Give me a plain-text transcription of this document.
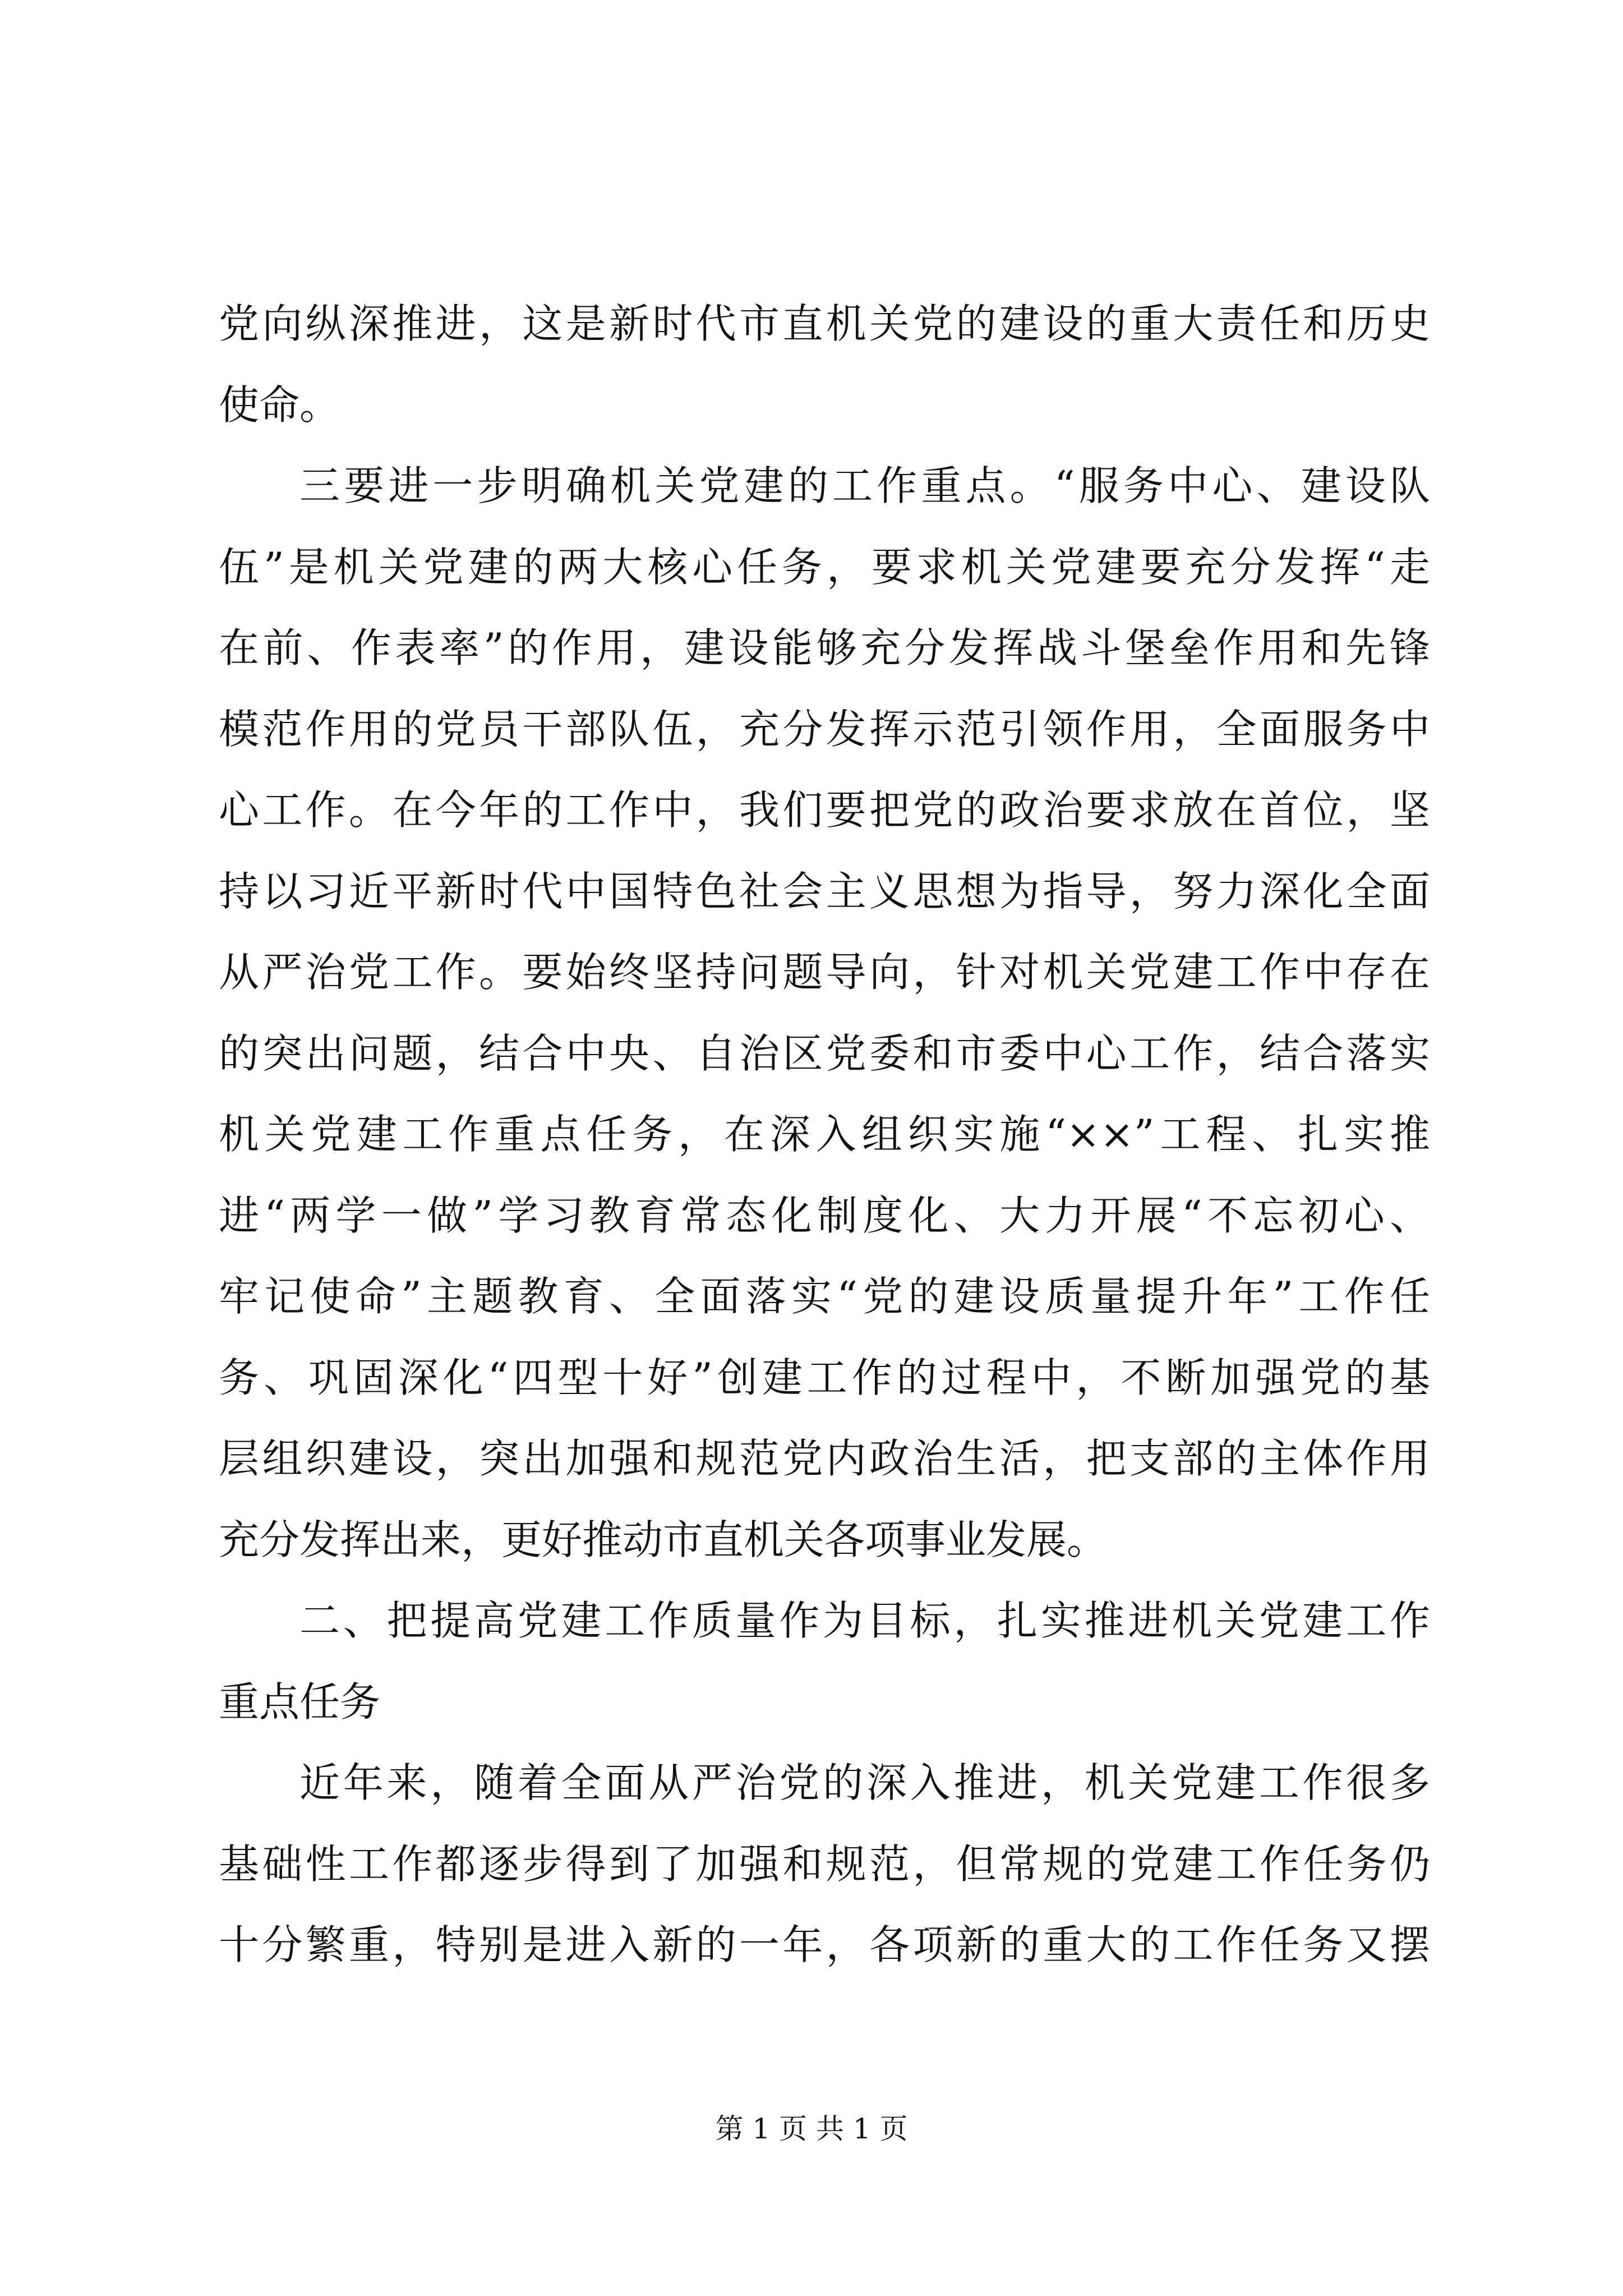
党向纵深推进，这是新时代市直机关党的建设的重大责任和历史
使命。
三要进一步明确机关党建的工作重点。“服务中心、建设队
伍”是机关党建的两大核心任务，要求机关党建要充分发挥“走
在前、作表率”的作用，建设能够充分发挥战斗堡垒作用和先锋
模范作用的党员干部队伍，充分发挥示范引领作用，全面服务中
心工作。在今年的工作中，我们要把党的政治要求放在首位，坚
持以习近平新时代中国特色社会主义思想为指导，努力深化全面
从严治党工作。要始终坚持问题导向，针对机关党建工作中存在
的突出问题，结合中央、自治区党委和市委中心工作，结合落实
机关党建工作重点任务，在深入组织实施“××”工程、扎实推
进“两学一做”学习教育常态化制度化、大力开展“不忘初心、
牢记使命”主题教育、全面落实“党的建设质量提升年”工作任
务、巩固深化“四型十好”创建工作的过程中，不断加强党的基
层组织建设，突出加强和规范党内政治生活，把支部的主体作用
充分发挥出来，更好推动市直机关各项事业发展。
二、把提高党建工作质量作为目标，扎实推进机关党建工作
重点任务
近年来，随着全面从严治党的深入推进，机关党建工作很多
基础性工作都逐步得到了加强和规范，但常规的党建工作任务仍
十分繁重，特别是进入新的一年，各项新的重大的工作任务又摆
第 1 页 共 1 页
